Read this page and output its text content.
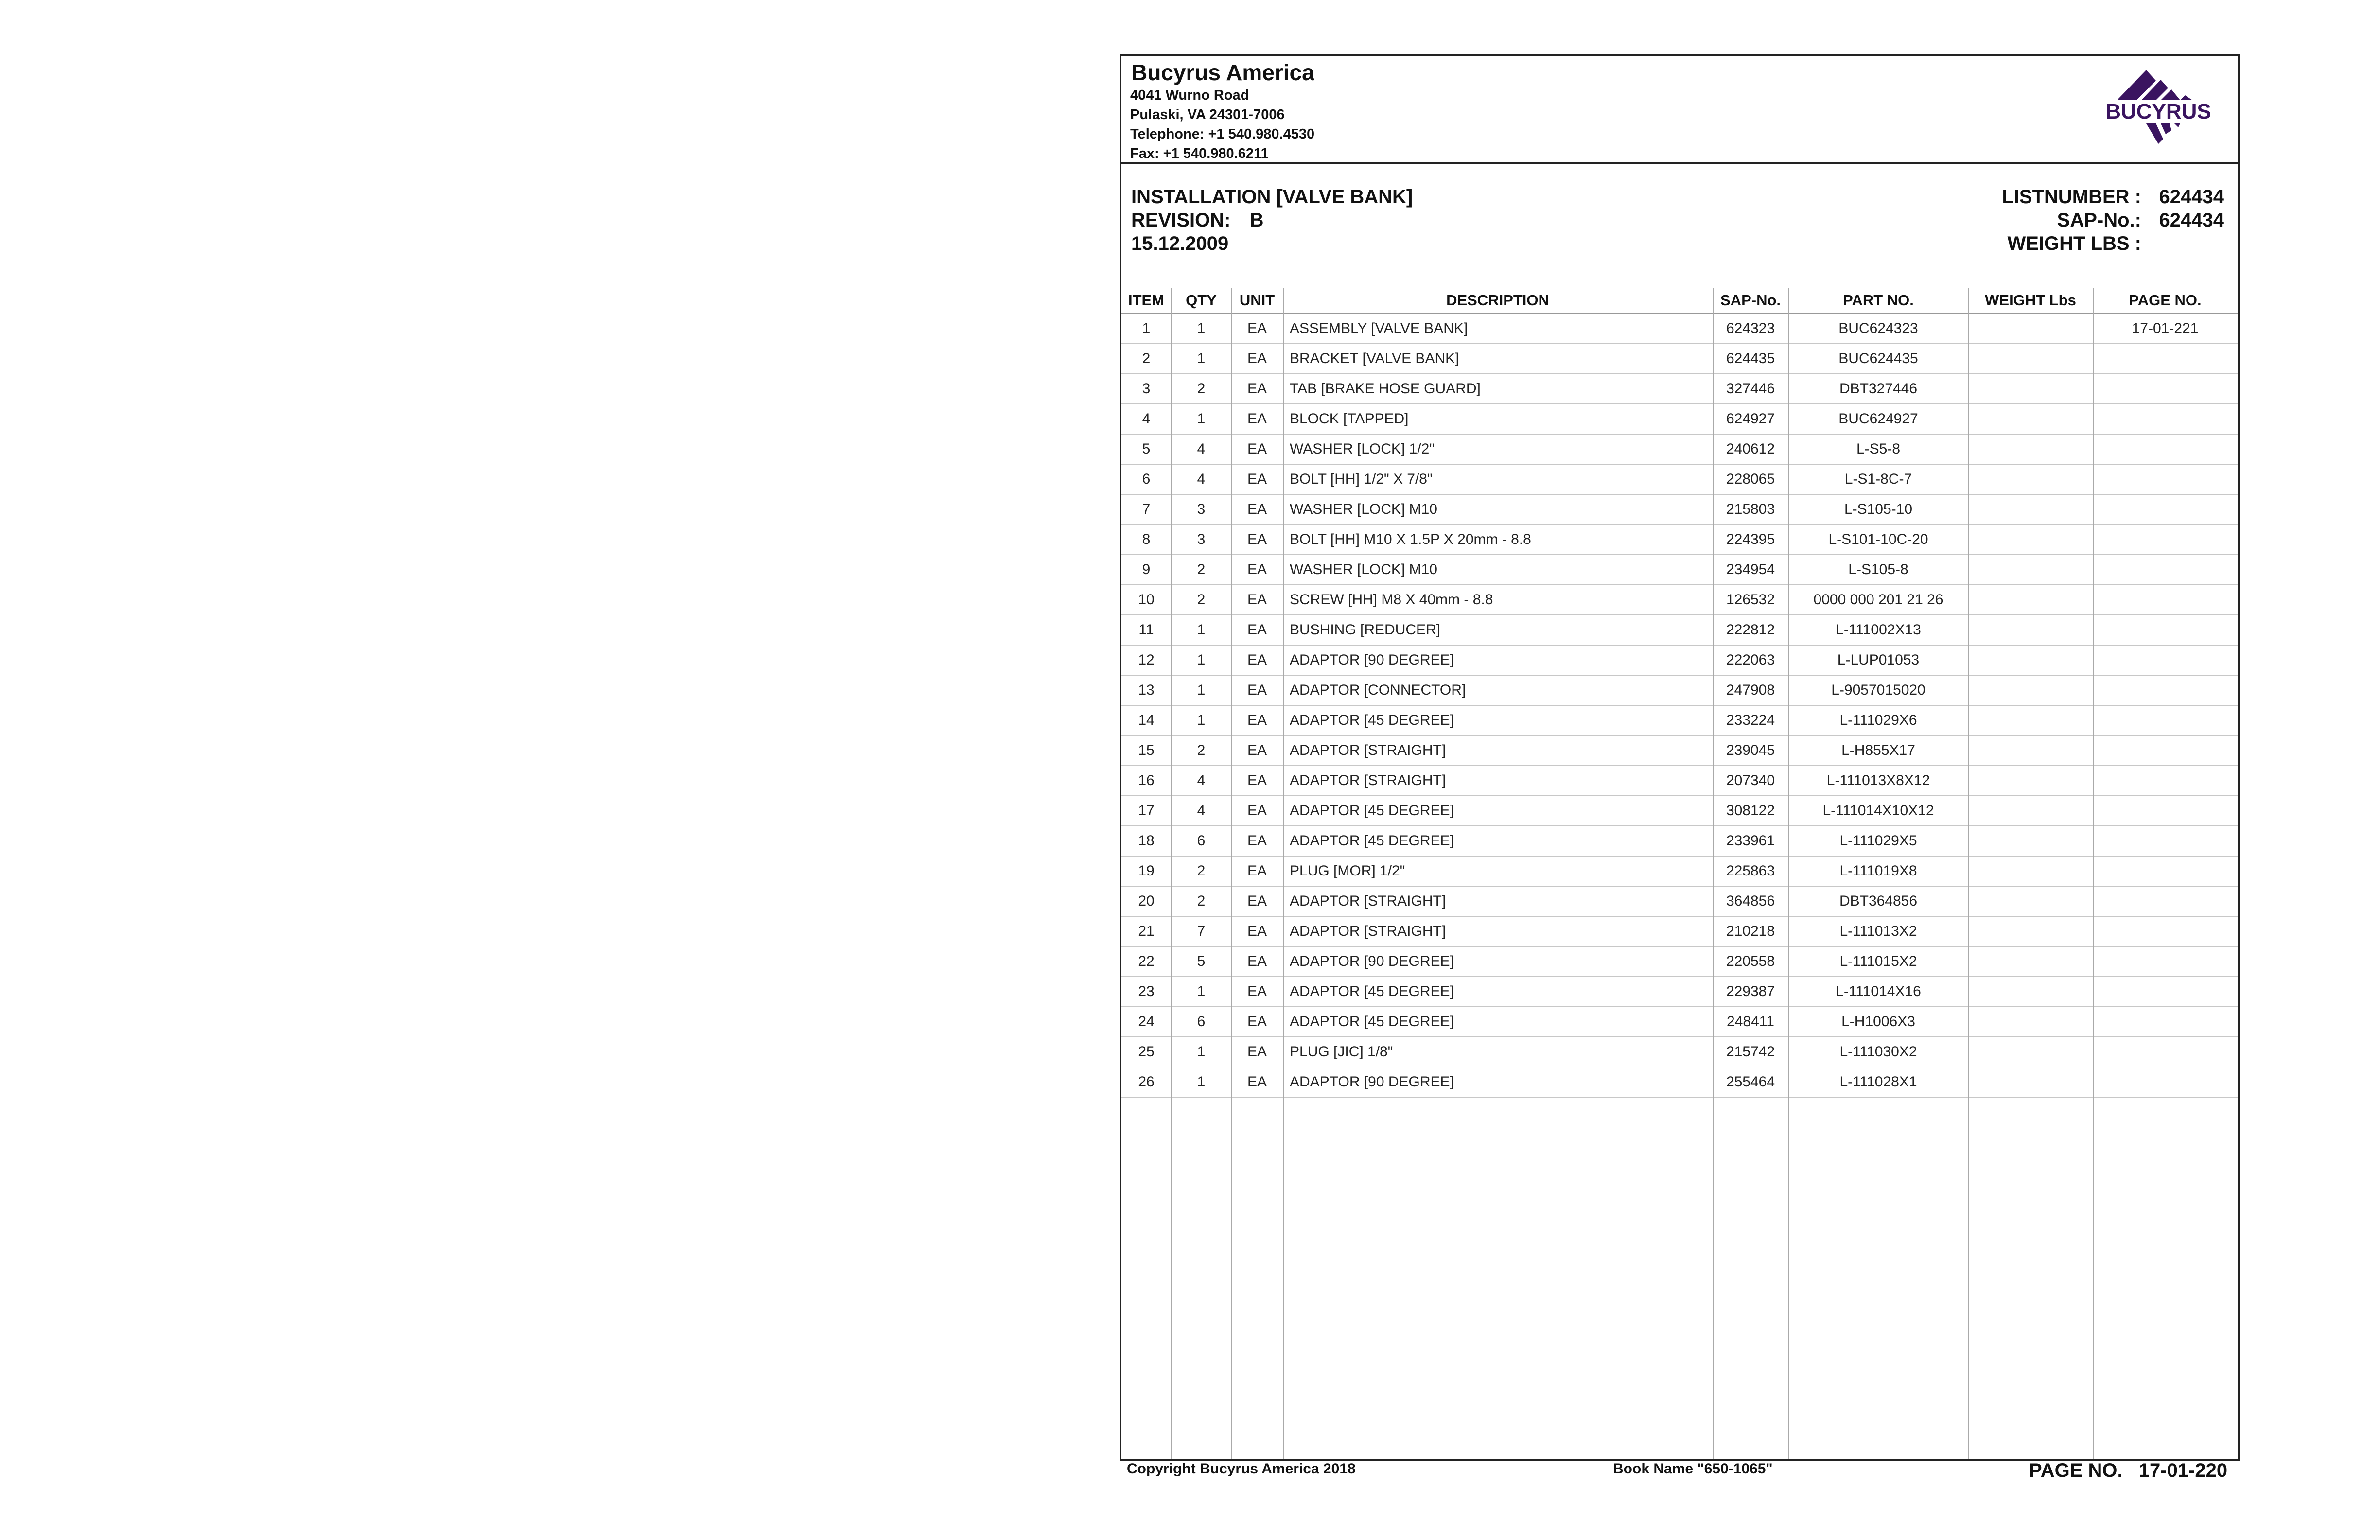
Bucyrus America
4041 Wurno Road
Pulaski, VA 24301-7006
Telephone: +1 540.980.4530
Fax: +1 540.980.6211
BUCYRUS
INSTALLATION [VALVE BANK]
REVISION: B
15.12.2009
LISTNUMBER : 624434
SAP-No.: 624434
WEIGHT LBS :
ITEM	QTY	UNIT	DESCRIPTION	SAP-No.	PART NO.	WEIGHT Lbs	PAGE NO.
1	1	EA	ASSEMBLY [VALVE BANK]	624323	BUC624323		17-01-221
2	1	EA	BRACKET [VALVE BANK]	624435	BUC624435		
3	2	EA	TAB [BRAKE HOSE GUARD]	327446	DBT327446		
4	1	EA	BLOCK [TAPPED]	624927	BUC624927		
5	4	EA	WASHER [LOCK] 1/2"	240612	L-S5-8		
6	4	EA	BOLT [HH] 1/2" X 7/8"	228065	L-S1-8C-7		
7	3	EA	WASHER [LOCK] M10	215803	L-S105-10		
8	3	EA	BOLT [HH] M10 X 1.5P X 20mm - 8.8	224395	L-S101-10C-20		
9	2	EA	WASHER [LOCK] M10	234954	L-S105-8		
10	2	EA	SCREW [HH] M8 X 40mm - 8.8	126532	0000 000 201 21 26		
11	1	EA	BUSHING [REDUCER]	222812	L-111002X13		
12	1	EA	ADAPTOR [90 DEGREE]	222063	L-LUP01053		
13	1	EA	ADAPTOR [CONNECTOR]	247908	L-9057015020		
14	1	EA	ADAPTOR [45 DEGREE]	233224	L-111029X6		
15	2	EA	ADAPTOR [STRAIGHT]	239045	L-H855X17		
16	4	EA	ADAPTOR [STRAIGHT]	207340	L-111013X8X12		
17	4	EA	ADAPTOR [45 DEGREE]	308122	L-111014X10X12		
18	6	EA	ADAPTOR [45 DEGREE]	233961	L-111029X5		
19	2	EA	PLUG [MOR] 1/2"	225863	L-111019X8		
20	2	EA	ADAPTOR [STRAIGHT]	364856	DBT364856		
21	7	EA	ADAPTOR [STRAIGHT]	210218	L-111013X2		
22	5	EA	ADAPTOR [90 DEGREE]	220558	L-111015X2		
23	1	EA	ADAPTOR [45 DEGREE]	229387	L-111014X16		
24	6	EA	ADAPTOR [45 DEGREE]	248411	L-H1006X3		
25	1	EA	PLUG [JIC] 1/8"	215742	L-111030X2		
26	1	EA	ADAPTOR [90 DEGREE]	255464	L-111028X1		
Copyright Bucyrus America 2018	Book Name "650-1065"	PAGE NO. 17-01-220
